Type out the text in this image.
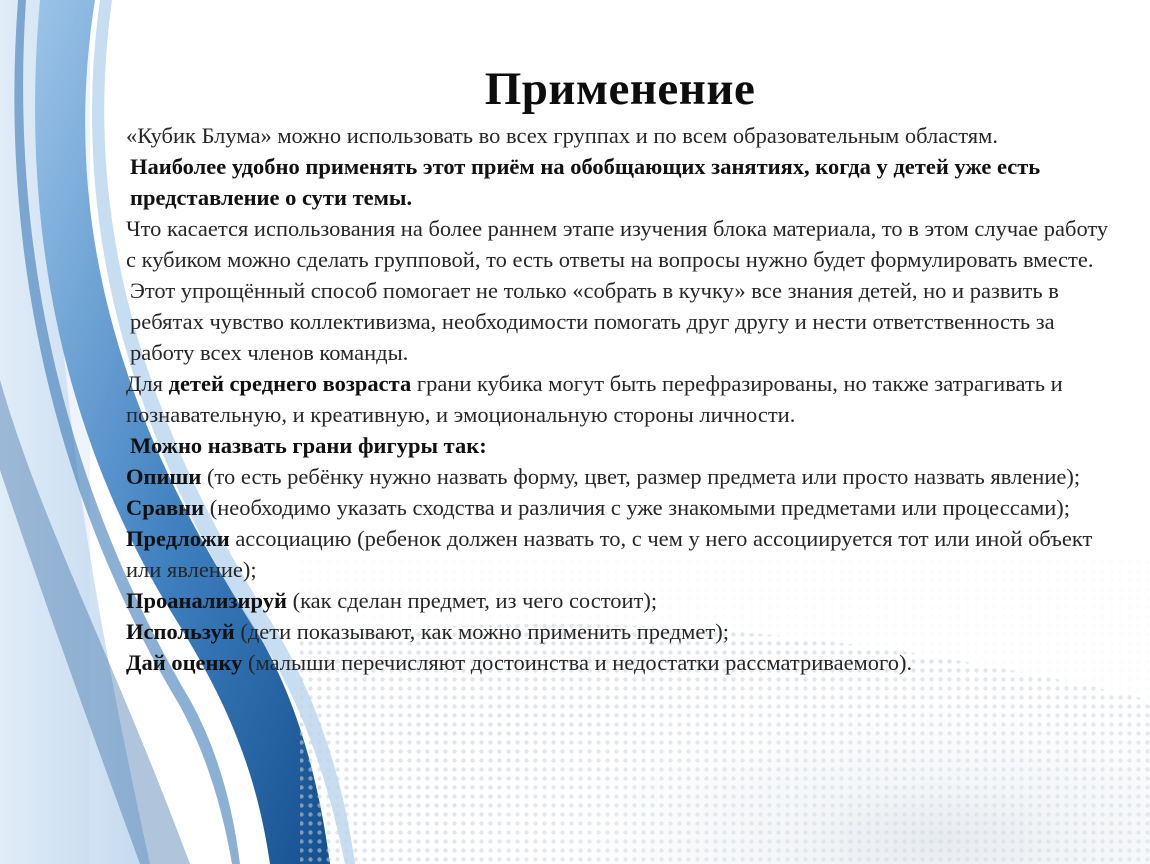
Применение

«Кубик Блума» можно использовать во всех группах и по всем образовательным областям.

Наиболее удобно применять этот приём на обобщающих занятиях, когда у детей уже есть представление о сути темы.

Что касается использования на более раннем этапе изучения блока материала, то в этом случае работу с кубиком можно сделать групповой, то есть ответы на вопросы нужно будет формулировать вместе.

Этот упрощённый способ помогает не только «собрать в кучку» все знания детей, но и развить в ребятах чувство коллективизма, необходимости помогать друг другу и нести ответственность за работу всех членов команды.

Для детей среднего возраста грани кубика могут быть перефразированы, но также затрагивать и познавательную, и креативную, и эмоциональную стороны личности.

Можно назвать грани фигуры так:

Опиши (то есть ребёнку нужно назвать форму, цвет, размер предмета или просто назвать явление);

Сравни (необходимо указать сходства и различия с уже знакомыми предметами или процессами);

Предложи ассоциацию (ребенок должен назвать то, с чем у него ассоциируется тот или иной объект или явление);

Проанализируй (как сделан предмет, из чего состоит);

Используй (дети показывают, как можно применить предмет);

Дай оценку (малыши перечисляют достоинства и недостатки рассматриваемого).
